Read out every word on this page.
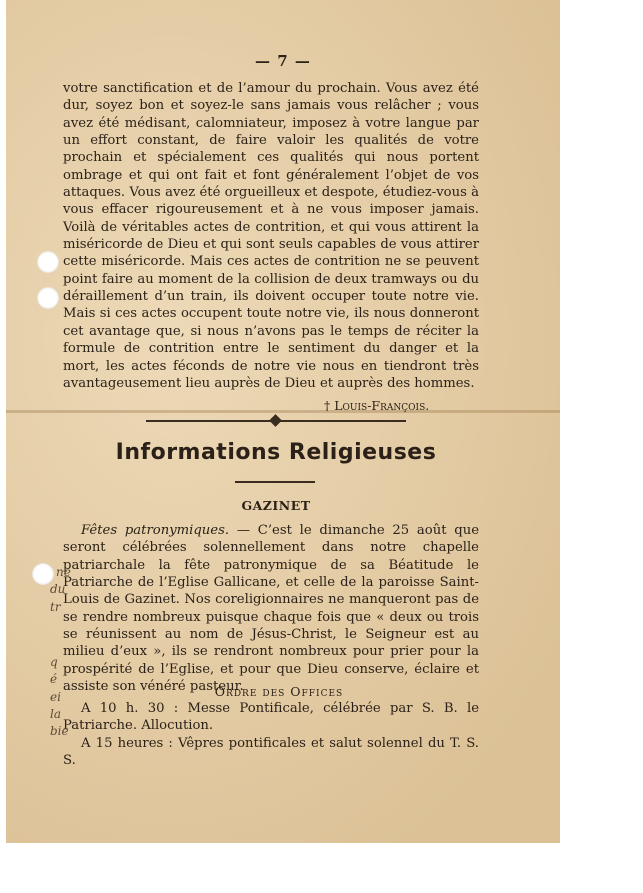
— 7 —

votre sanctification et de l’amour du prochain. Vous avez été dur, soyez bon et soyez-le sans jamais vous relâcher ; vous avez été médisant, calomniateur, imposez à votre langue par un effort constant, de faire valoir les qualités de votre prochain et spécialement ces qualités qui nous portent ombrage et qui ont fait et font généralement l’objet de vos attaques. Vous avez été orgueilleux et despote, étudiez-vous à vous effacer rigoureusement et à ne vous imposer jamais. Voilà de véritables actes de contrition, et qui vous attirent la miséricorde de Dieu et qui sont seuls capables de vous attirer cette miséricorde. Mais ces actes de contrition ne se peuvent point faire au moment de la collision de deux tramways ou du déraillement d’un train, ils doivent occuper toute notre vie. Mais si ces actes occupent toute notre vie, ils nous donneront cet avantage que, si nous n’avons pas le temps de réciter la formule de contrition entre le sentiment du danger et la mort, les actes féconds de notre vie nous en tiendront très avantageusement lieu auprès de Dieu et auprès des hommes.

† Louis-François.
Informations Religieuses
GAZINET

Fêtes patronymiques. — C’est le dimanche 25 août que seront célébrées solennellement dans notre chapelle patriarchale la fête patronymique de sa Béatitude le Patriarche de l’Eglise Gallicane, et celle de la paroisse Saint-Louis de Gazinet. Nos coreligionnaires ne manqueront pas de se rendre nombreux puisque chaque fois que « deux ou trois se réunissent au nom de Jésus-Christ, le Seigneur est au milieu d’eux », ils se rendront nombreux pour prier pour la prospérité de l’Eglise, et pour que Dieu conserve, éclaire et assiste son vénéré pasteur.

Ordre des Offices

A 10 h. 30 : Messe Pontificale, célébrée par S. B. le Patriarche. Allocution.

A 15 heures : Vêpres pontificales et salut solennel du T. S. S.

ne
du
tr
q
é
ei
la
bie
